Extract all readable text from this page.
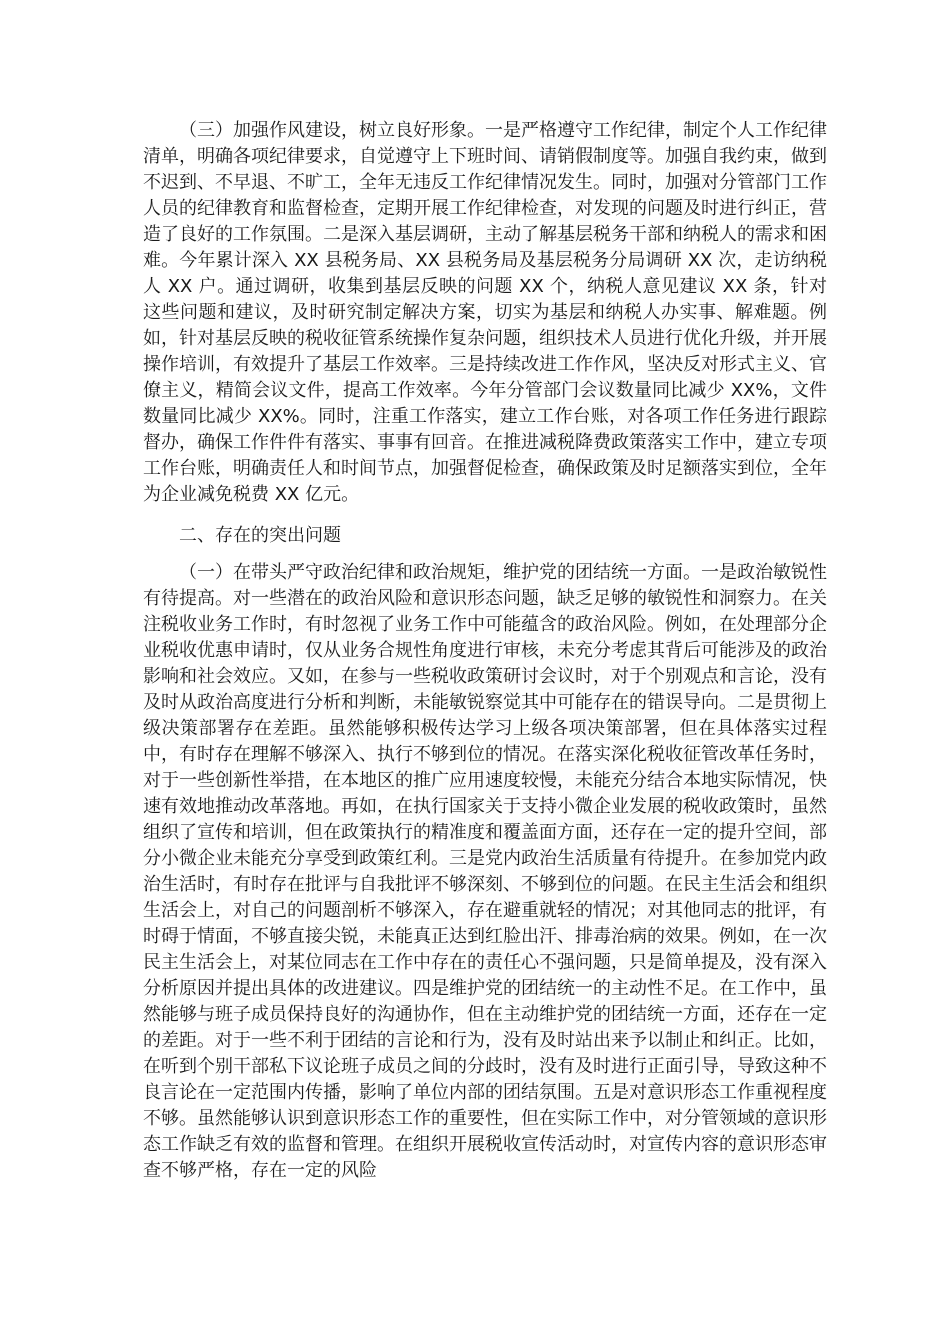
（三）加强作风建设，树立良好形象。一是严格遵守工作纪律，制定个人工作纪律清单，明确各项纪律要求，自觉遵守上下班时间、请销假制度等。加强自我约束，做到不迟到、不早退、不旷工，全年无违反工作纪律情况发生。同时，加强对分管部门工作人员的纪律教育和监督检查，定期开展工作纪律检查，对发现的问题及时进行纠正，营造了良好的工作氛围。二是深入基层调研，主动了解基层税务干部和纳税人的需求和困难。今年累计深入 XX 县税务局、XX 县税务局及基层税务分局调研 XX 次，走访纳税人 XX 户。通过调研，收集到基层反映的问题 XX 个，纳税人意见建议 XX 条，针对这些问题和建议，及时研究制定解决方案，切实为基层和纳税人办实事、解难题。例如，针对基层反映的税收征管系统操作复杂问题，组织技术人员进行优化升级，并开展操作培训，有效提升了基层工作效率。三是持续改进工作作风，坚决反对形式主义、官僚主义，精简会议文件，提高工作效率。今年分管部门会议数量同比减少 XX%，文件数量同比减少 XX%。同时，注重工作落实，建立工作台账，对各项工作任务进行跟踪督办，确保工作件件有落实、事事有回音。在推进减税降费政策落实工作中，建立专项工作台账，明确责任人和时间节点，加强督促检查，确保政策及时足额落实到位，全年为企业减免税费 XX 亿元。

二、存在的突出问题

（一）在带头严守政治纪律和政治规矩，维护党的团结统一方面。一是政治敏锐性有待提高。对一些潜在的政治风险和意识形态问题，缺乏足够的敏锐性和洞察力。在关注税收业务工作时，有时忽视了业务工作中可能蕴含的政治风险。例如，在处理部分企业税收优惠申请时，仅从业务合规性角度进行审核，未充分考虑其背后可能涉及的政治影响和社会效应。又如，在参与一些税收政策研讨会议时，对于个别观点和言论，没有及时从政治高度进行分析和判断，未能敏锐察觉其中可能存在的错误导向。二是贯彻上级决策部署存在差距。虽然能够积极传达学习上级各项决策部署，但在具体落实过程中，有时存在理解不够深入、执行不够到位的情况。在落实深化税收征管改革任务时，对于一些创新性举措，在本地区的推广应用速度较慢，未能充分结合本地实际情况，快速有效地推动改革落地。再如，在执行国家关于支持小微企业发展的税收政策时，虽然组织了宣传和培训，但在政策执行的精准度和覆盖面方面，还存在一定的提升空间，部分小微企业未能充分享受到政策红利。三是党内政治生活质量有待提升。在参加党内政治生活时，有时存在批评与自我批评不够深刻、不够到位的问题。在民主生活会和组织生活会上，对自己的问题剖析不够深入，存在避重就轻的情况；对其他同志的批评，有时碍于情面，不够直接尖锐，未能真正达到红脸出汗、排毒治病的效果。例如，在一次民主生活会上，对某位同志在工作中存在的责任心不强问题，只是简单提及，没有深入分析原因并提出具体的改进建议。四是维护党的团结统一的主动性不足。在工作中，虽然能够与班子成员保持良好的沟通协作，但在主动维护党的团结统一方面，还存在一定的差距。对于一些不利于团结的言论和行为，没有及时站出来予以制止和纠正。比如，在听到个别干部私下议论班子成员之间的分歧时，没有及时进行正面引导，导致这种不良言论在一定范围内传播，影响了单位内部的团结氛围。五是对意识形态工作重视程度不够。虽然能够认识到意识形态工作的重要性，但在实际工作中，对分管领域的意识形态工作缺乏有效的监督和管理。在组织开展税收宣传活动时，对宣传内容的意识形态审查不够严格，存在一定的风险
